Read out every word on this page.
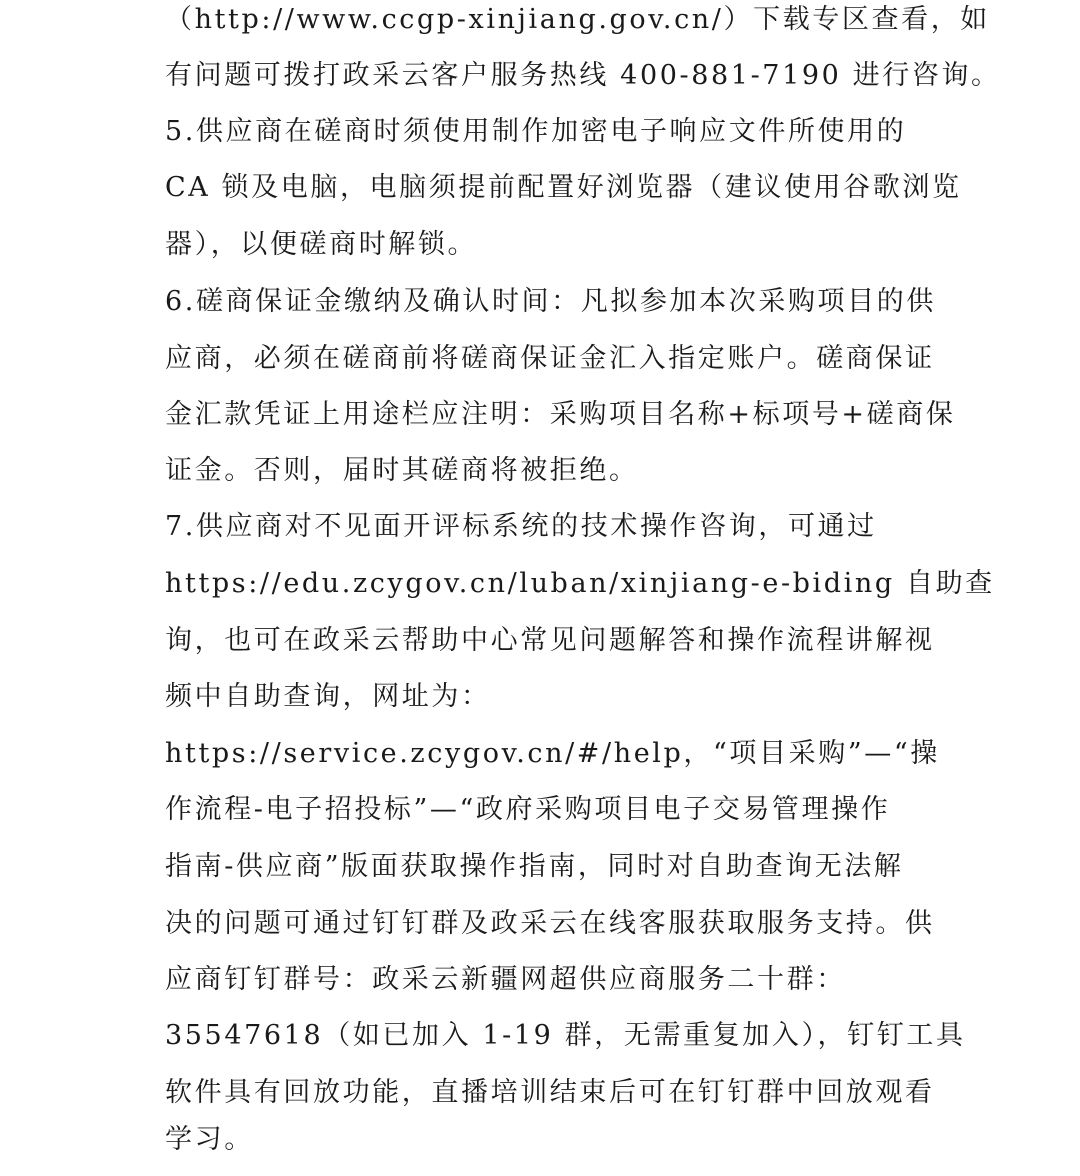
（http://www.ccgp-xinjiang.gov.cn/）下载专区查看，如
有问题可拨打政采云客户服务热线 400-881-7190 进行咨询。
5.供应商在磋商时须使用制作加密电子响应文件所使用的
CA 锁及电脑，电脑须提前配置好浏览器（建议使用谷歌浏览
器），以便磋商时解锁。
6.磋商保证金缴纳及确认时间：凡拟参加本次采购项目的供
应商，必须在磋商前将磋商保证金汇入指定账户。磋商保证
金汇款凭证上用途栏应注明：采购项目名称+标项号+磋商保
证金。否则，届时其磋商将被拒绝。
7.供应商对不见面开评标系统的技术操作咨询，可通过
https://edu.zcygov.cn/luban/xinjiang-e-biding 自助查
询，也可在政采云帮助中心常见问题解答和操作流程讲解视
频中自助查询，网址为：
https://service.zcygov.cn/#/help，“项目采购”—“操
作流程-电子招投标”—“政府采购项目电子交易管理操作
指南-供应商”版面获取操作指南，同时对自助查询无法解
决的问题可通过钉钉群及政采云在线客服获取服务支持。供
应商钉钉群号：政采云新疆网超供应商服务二十群：
35547618（如已加入 1-19 群，无需重复加入），钉钉工具
软件具有回放功能，直播培训结束后可在钉钉群中回放观看
学习。
